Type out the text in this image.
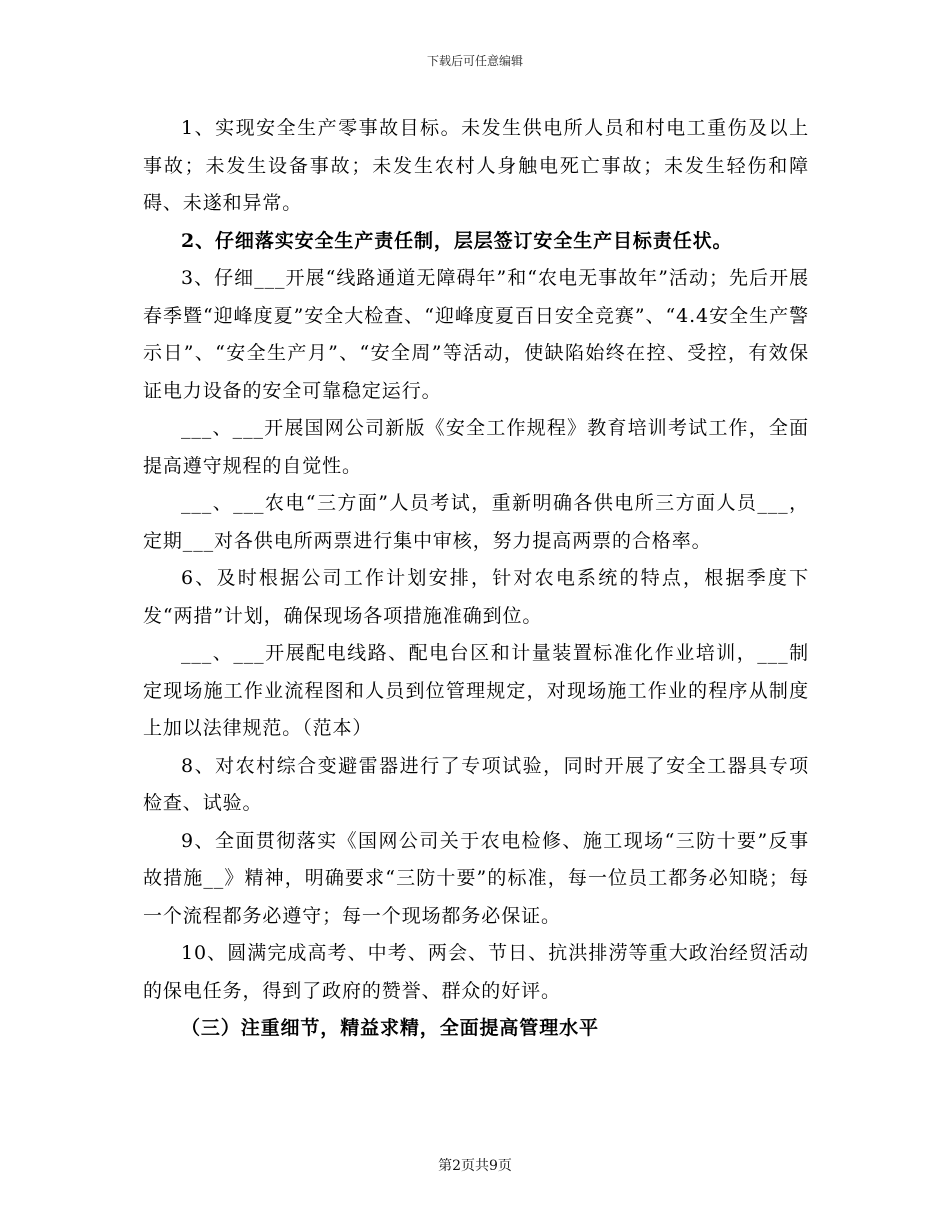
下载后可任意编辑

1、实现安全生产零事故目标。未发生供电所人员和村电工重伤及以上事故；未发生设备事故；未发生农村人身触电死亡事故；未发生轻伤和障碍、未遂和异常。

2、仔细落实安全生产责任制，层层签订安全生产目标责任状。

3、仔细___开展“线路通道无障碍年”和“农电无事故年”活动；先后开展春季暨“迎峰度夏”安全大检查、“迎峰度夏百日安全竞赛”、“4.4安全生产警示日”、“安全生产月”、“安全周”等活动，使缺陷始终在控、受控，有效保证电力设备的安全可靠稳定运行。

___、___开展国网公司新版《安全工作规程》教育培训考试工作，全面提高遵守规程的自觉性。

___、___农电“三方面”人员考试，重新明确各供电所三方面人员___，定期___对各供电所两票进行集中审核，努力提高两票的合格率。

6、及时根据公司工作计划安排，针对农电系统的特点，根据季度下发“两措”计划，确保现场各项措施准确到位。

___、___开展配电线路、配电台区和计量装置标准化作业培训，___制定现场施工作业流程图和人员到位管理规定，对现场施工作业的程序从制度上加以法律规范。（范本）

8、对农村综合变避雷器进行了专项试验，同时开展了安全工器具专项检查、试验。

9、全面贯彻落实《国网公司关于农电检修、施工现场“三防十要”反事故措施__》精神，明确要求“三防十要”的标准，每一位员工都务必知晓；每一个流程都务必遵守；每一个现场都务必保证。

10、圆满完成高考、中考、两会、节日、抗洪排涝等重大政治经贸活动的保电任务，得到了政府的赞誉、群众的好评。

（三）注重细节，精益求精，全面提高管理水平

第2页共9页
